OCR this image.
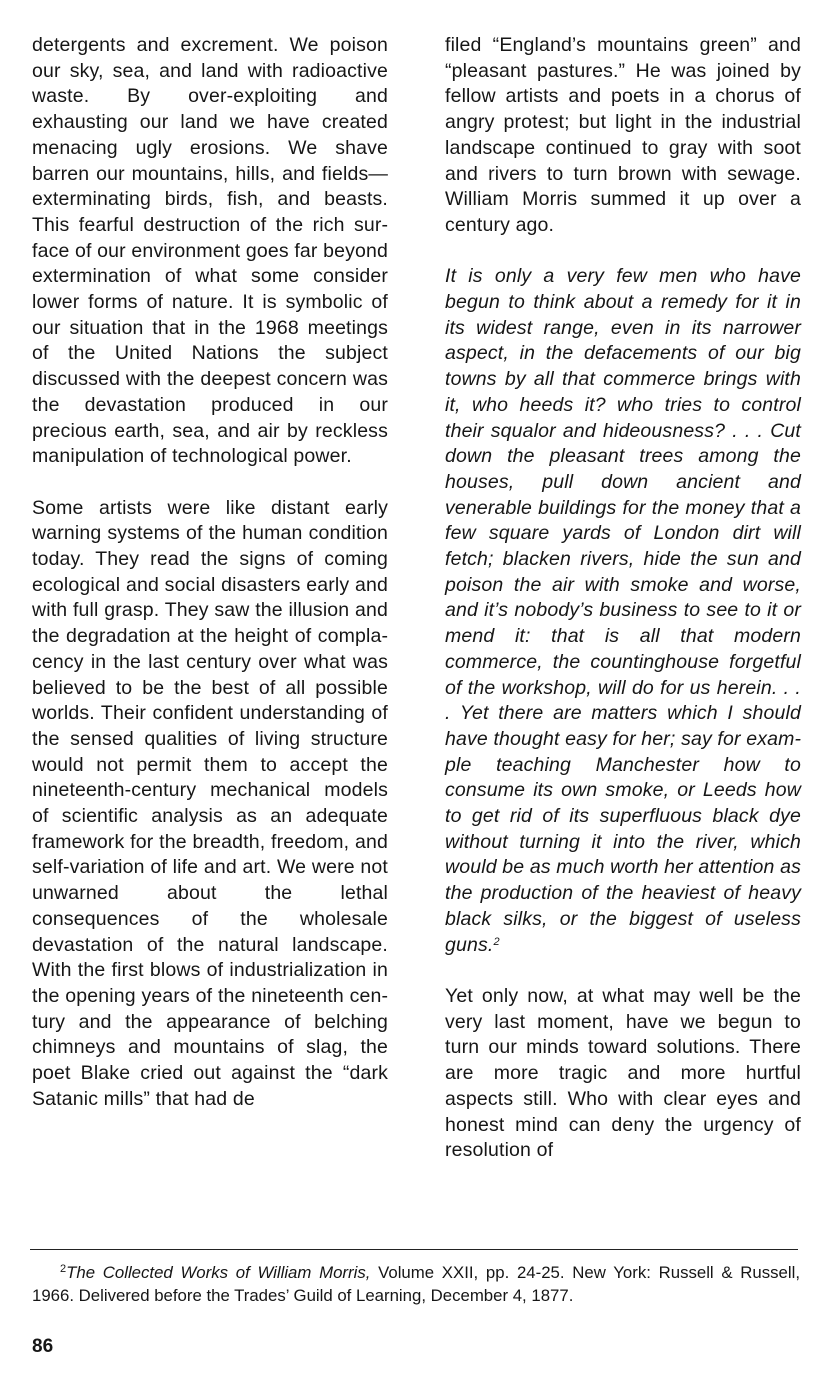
detergents and excrement. We poison our sky, sea, and land with radioactive waste. By over-exploiting and exhausting our land we have created menacing ugly erosions. We shave barren our mountains, hills, and fields—exterminating birds, fish, and beasts. This fearful destruction of the rich surface of our environment goes far beyond extermination of what some consider lower forms of nature. It is symbolic of our situation that in the 1968 meetings of the United Nations the subject discussed with the deepest concern was the devastation produced in our precious earth, sea, and air by reckless manipulation of technological power.

Some artists were like distant early warning systems of the human condition today. They read the signs of coming ecological and social disasters early and with full grasp. They saw the illusion and the degradation at the height of complacency in the last century over what was believed to be the best of all possible worlds. Their confident understanding of the sensed qualities of living structure would not permit them to accept the nineteenth-century mechanical models of scientific analysis as an adequate framework for the breadth, freedom, and self-variation of life and art. We were not unwarned about the lethal consequences of the wholesale devastation of the natural landscape. With the first blows of industrialization in the opening years of the nineteenth century and the appearance of belching chimneys and mountains of slag, the poet Blake cried out against the “dark Satanic mills” that had de

filed “England’s mountains green” and “pleasant pastures.” He was joined by fellow artists and poets in a chorus of angry protest; but light in the industrial landscape continued to gray with soot and rivers to turn brown with sewage. William Morris summed it up over a century ago.

It is only a very few men who have begun to think about a remedy for it in its widest range, even in its narrower aspect, in the defacements of our big towns by all that commerce brings with it, who heeds it? who tries to control their squalor and hideousness? . . . Cut down the pleasant trees among the houses, pull down ancient and venerable buildings for the money that a few square yards of London dirt will fetch; blacken rivers, hide the sun and poison the air with smoke and worse, and it’s nobody’s business to see to it or mend it: that is all that modern commerce, the countinghouse forgetful of the workshop, will do for us herein. . . . Yet there are matters which I should have thought easy for her; say for example teaching Manchester how to consume its own smoke, or Leeds how to get rid of its superfluous black dye without turning it into the river, which would be as much worth her attention as the production of the heaviest of heavy black silks, or the biggest of useless guns.$^2$

Yet only now, at what may well be the very last moment, have we begun to turn our minds toward solutions. There are more tragic and more hurtful aspects still. Who with clear eyes and honest mind can deny the urgency of resolution of

$^2$The Collected Works of William Morris, Volume XXII, pp. 24-25. New York: Russell & Russell, 1966. Delivered before the Trades’ Guild of Learning, December 4, 1877.
86
